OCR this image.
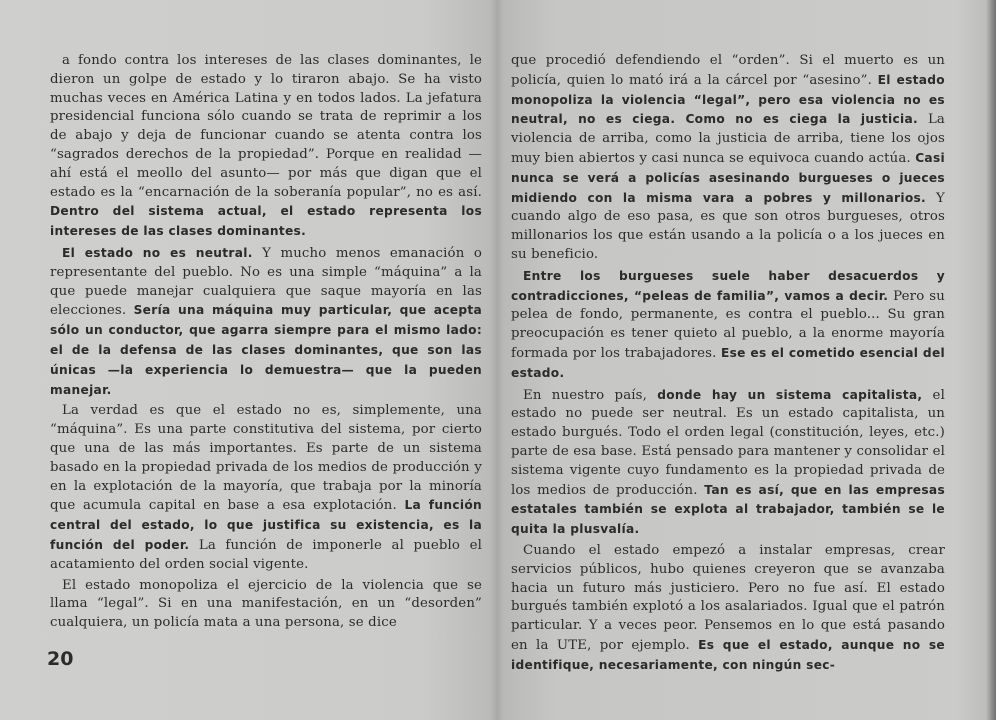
a fondo contra los intereses de las clases dominantes, le dieron un golpe de estado y lo tiraron abajo. Se ha visto muchas veces en América Latina y en todos lados. La jefatura presidencial funciona sólo cuando se trata de reprimir a los de abajo y deja de funcionar cuando se atenta contra los “sagrados derechos de la propiedad”. Porque en realidad —ahí está el meollo del asunto— por más que digan que el estado es la “encarnación de la soberanía popular”, no es así. Dentro del sistema actual, el estado representa los intereses de las clases dominantes.

El estado no es neutral. Y mucho menos emanación o representante del pueblo. No es una simple “máquina” a la que puede manejar cualquiera que saque mayoría en las elecciones. Sería una máquina muy particular, que acepta sólo un conductor, que agarra siempre para el mismo lado: el de la defensa de las clases dominantes, que son las únicas —la experiencia lo demuestra— que la pueden manejar.

La verdad es que el estado no es, simplemente, una “máquina”. Es una parte constitutiva del sistema, por cierto que una de las más importantes. Es parte de un sistema basado en la propiedad privada de los medios de producción y en la explotación de la mayoría, que trabaja por la minoría que acumula capital en base a esa explotación. La función central del estado, lo que justifica su existencia, es la función del poder. La función de imponerle al pueblo el acatamiento del orden social vigente.

El estado monopoliza el ejercicio de la violencia que se llama “legal”. Si en una manifestación, en un “desorden” cualquiera, un policía mata a una persona, se dice

que procedió defendiendo el “orden”. Si el muerto es un policía, quien lo mató irá a la cárcel por “asesino”. El estado monopoliza la violencia “legal”, pero esa violencia no es neutral, no es ciega. Como no es ciega la justicia. La violencia de arriba, como la justicia de arriba, tiene los ojos muy bien abiertos y casi nunca se equivoca cuando actúa. Casi nunca se verá a policías asesinando burgueses o jueces midiendo con la misma vara a pobres y millonarios. Y cuando algo de eso pasa, es que son otros burgueses, otros millonarios los que están usando a la policía o a los jueces en su beneficio.

Entre los burgueses suele haber desacuerdos y contradicciones, “peleas de familia”, vamos a decir. Pero su pelea de fondo, permanente, es contra el pueblo... Su gran preocupación es tener quieto al pueblo, a la enorme mayoría formada por los trabajadores. Ese es el cometido esencial del estado.

En nuestro país, donde hay un sistema capitalista, el estado no puede ser neutral. Es un estado capitalista, un estado burgués. Todo el orden legal (constitución, leyes, etc.) parte de esa base. Está pensado para mantener y consolidar el sistema vigente cuyo fundamento es la propiedad privada de los medios de producción. Tan es así, que en las empresas estatales también se explota al trabajador, también se le quita la plusvalía.

Cuando el estado empezó a instalar empresas, crear servicios públicos, hubo quienes creyeron que se avanzaba hacia un futuro más justiciero. Pero no fue así. El estado burgués también explotó a los asalariados. Igual que el patrón particular. Y a veces peor. Pensemos en lo que está pasando en la UTE, por ejemplo. Es que el estado, aunque no se identifique, necesariamente, con ningún sec-

20
